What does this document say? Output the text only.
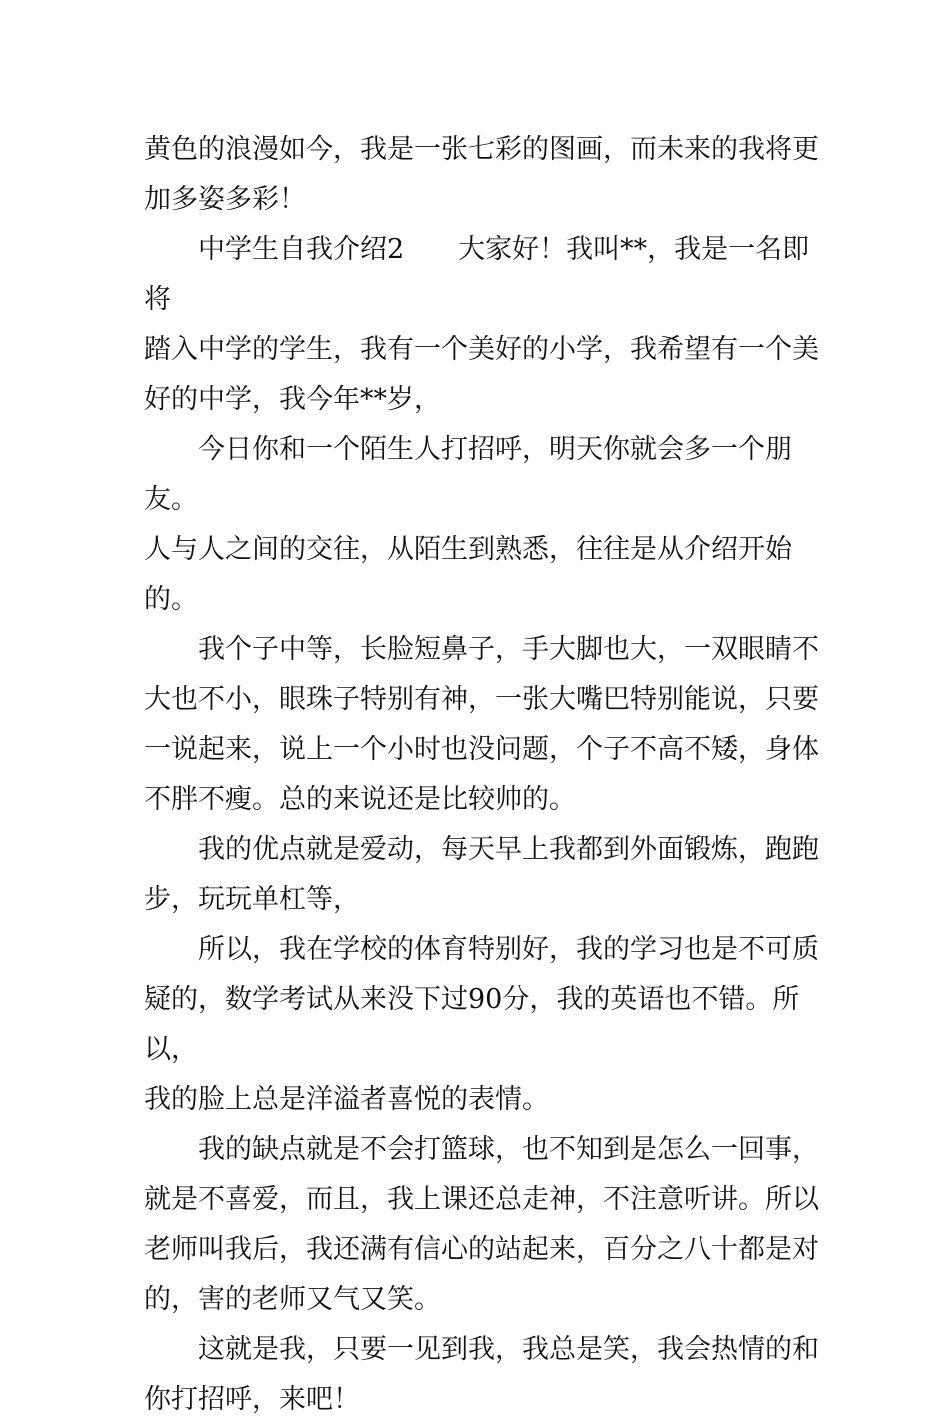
黄色的浪漫如今，我是一张七彩的图画，而未来的我将更
加多姿多彩！

中学生自我介绍2　　大家好！我叫**，我是一名即将
踏入中学的学生，我有一个美好的小学，我希望有一个美
好的中学，我今年**岁，

今日你和一个陌生人打招呼，明天你就会多一个朋友。
人与人之间的交往，从陌生到熟悉，往往是从介绍开始的。

我个子中等，长脸短鼻子，手大脚也大，一双眼睛不
大也不小，眼珠子特别有神，一张大嘴巴特别能说，只要
一说起来，说上一个小时也没问题，个子不高不矮，身体
不胖不瘦。总的来说还是比较帅的。

我的优点就是爱动，每天早上我都到外面锻炼，跑跑
步，玩玩单杠等，

所以，我在学校的体育特别好，我的学习也是不可质
疑的，数学考试从来没下过90分，我的英语也不错。所以，
我的脸上总是洋溢者喜悦的表情。

我的缺点就是不会打篮球，也不知到是怎么一回事，
就是不喜爱，而且，我上课还总走神，不注意听讲。所以
老师叫我后，我还满有信心的站起来，百分之八十都是对
的，害的老师又气又笑。

这就是我，只要一见到我，我总是笑，我会热情的和
你打招呼，来吧！
